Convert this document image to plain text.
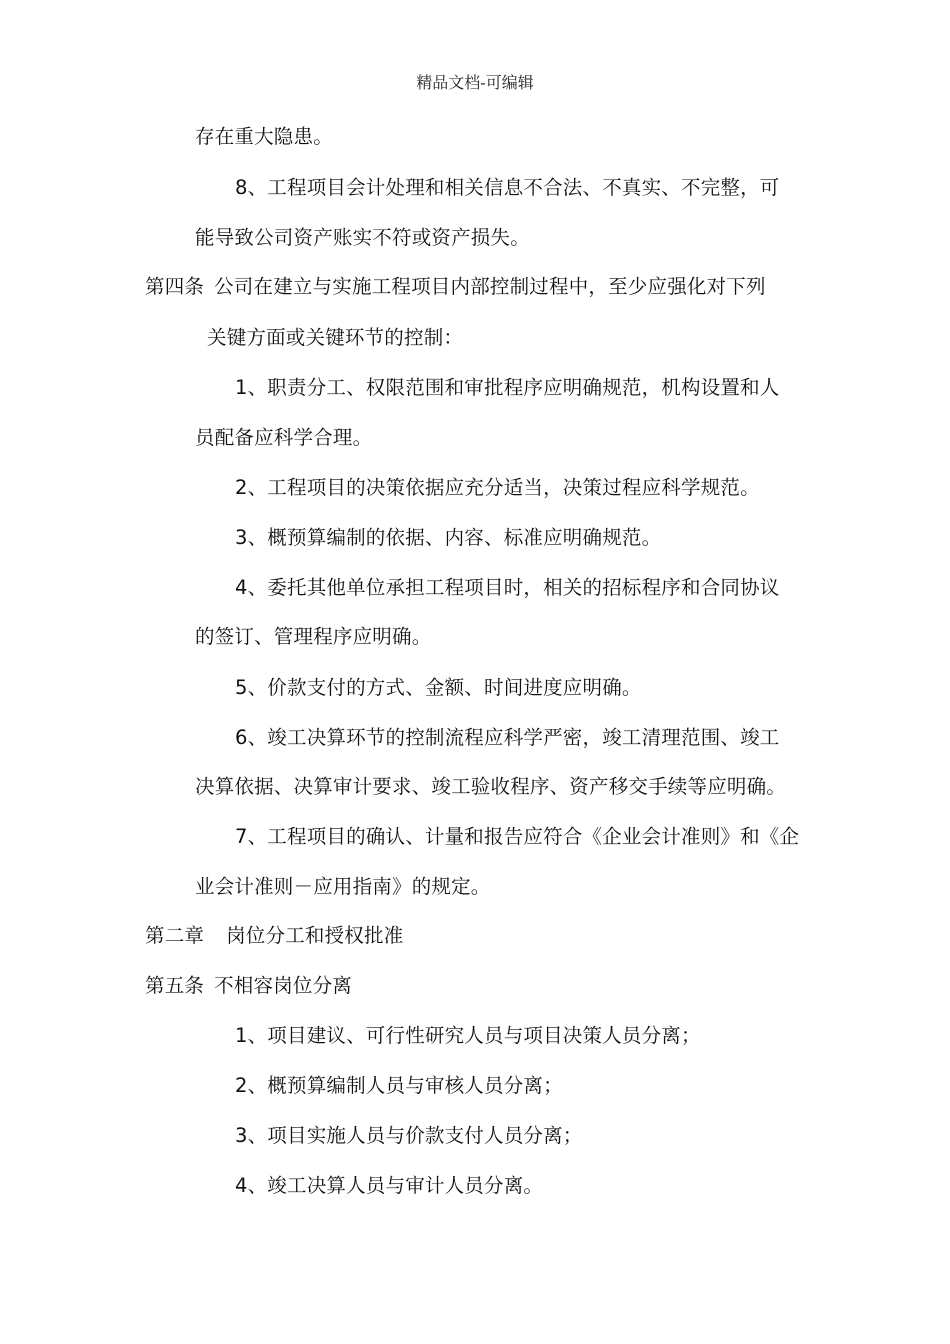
精品文档-可编辑
存在重大隐患。
8、工程项目会计处理和相关信息不合法、不真实、不完整，可
能导致公司资产账实不符或资产损失。
第四条 公司在建立与实施工程项目内部控制过程中，至少应强化对下列
关键方面或关键环节的控制：
1、职责分工、权限范围和审批程序应明确规范，机构设置和人
员配备应科学合理。
2、工程项目的决策依据应充分适当，决策过程应科学规范。
3、概预算编制的依据、内容、标准应明确规范。
4、委托其他单位承担工程项目时，相关的招标程序和合同协议
的签订、管理程序应明确。
5、价款支付的方式、金额、时间进度应明确。
6、竣工决算环节的控制流程应科学严密，竣工清理范围、竣工
决算依据、决算审计要求、竣工验收程序、资产移交手续等应明确。
7、工程项目的确认、计量和报告应符合《企业会计准则》和《企
业会计准则－应用指南》的规定。
第二章 岗位分工和授权批准
第五条 不相容岗位分离
1、项目建议、可行性研究人员与项目决策人员分离；
2、概预算编制人员与审核人员分离；
3、项目实施人员与价款支付人员分离；
4、竣工决算人员与审计人员分离。
